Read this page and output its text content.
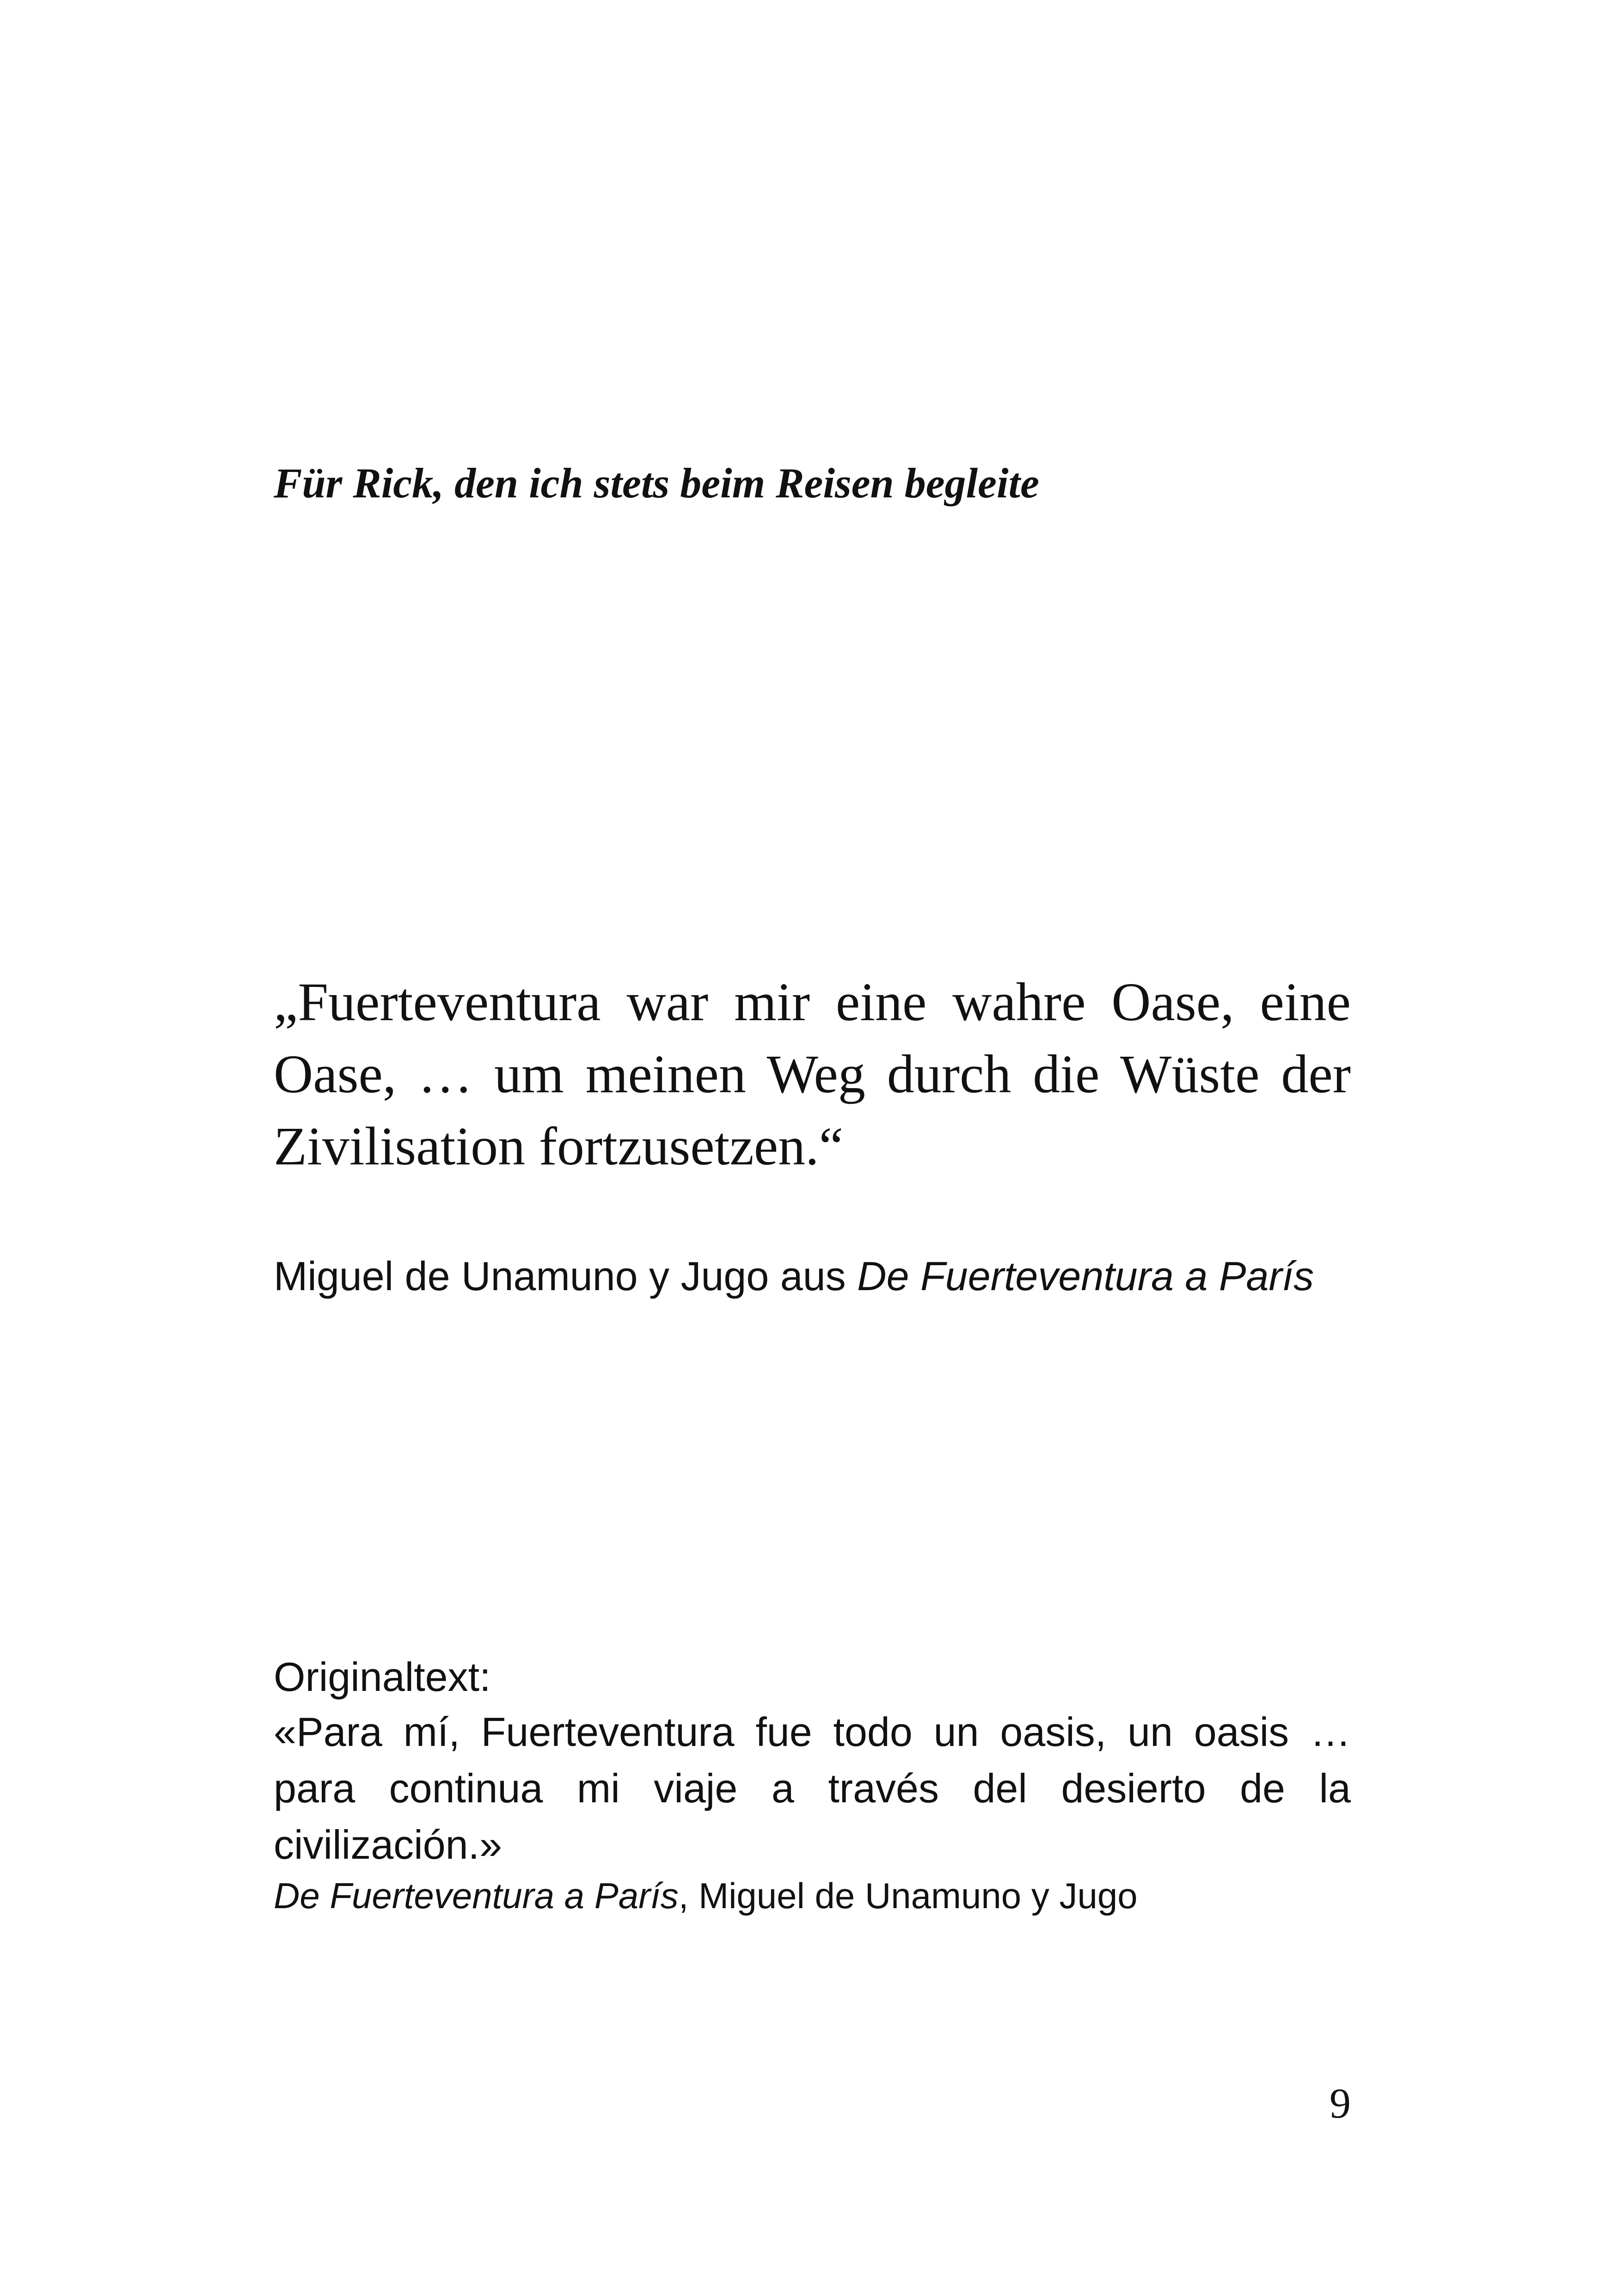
Für Rick, den ich stets beim Reisen begleite

„Fuerteventura war mir eine wahre Oase, eine Oase, … um meinen Weg durch die Wüste der Zivilisation fortzusetzen.“

Miguel de Unamuno y Jugo aus De Fuerteventura a París

Originaltext:

«Para mí, Fuerteventura fue todo un oasis, un oasis … para continua mi viaje a través del desierto de la civilización.»

De Fuerteventura a París, Miguel de Unamuno y Jugo

9
